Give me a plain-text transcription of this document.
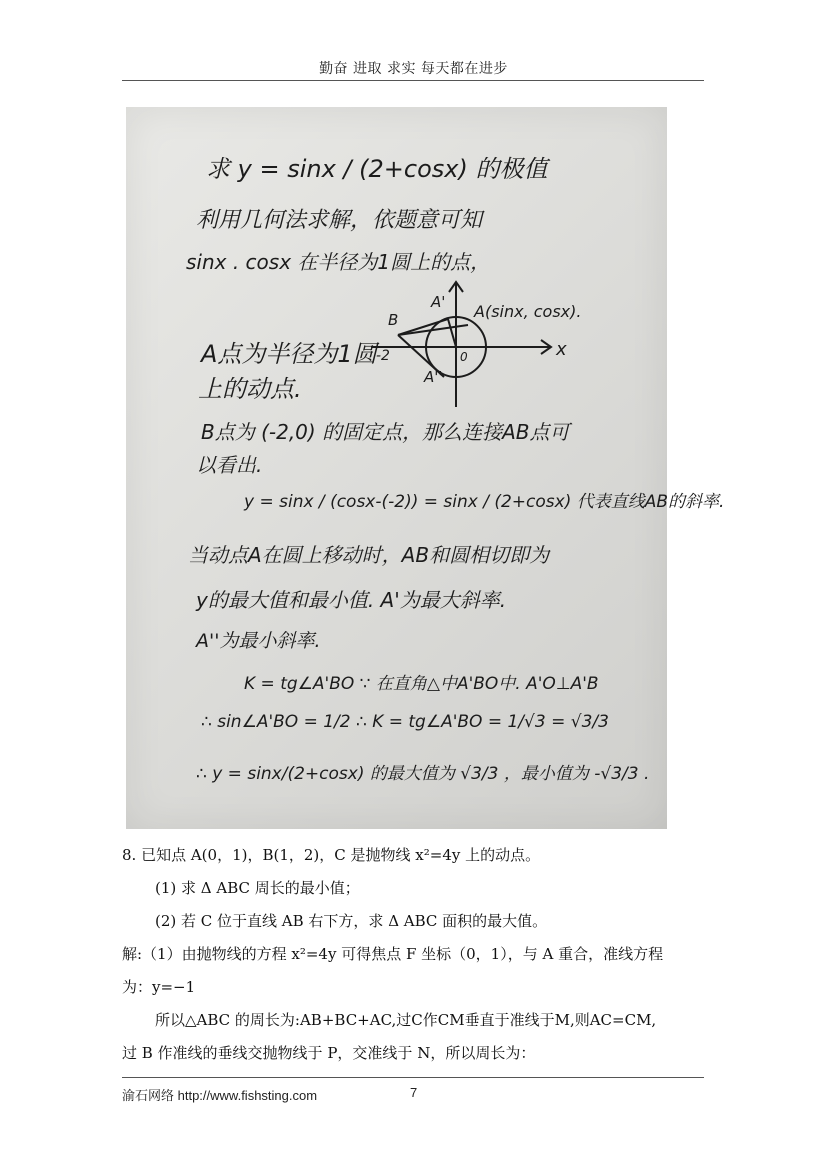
勤奋 进取 求实 每天都在进步
求 y = sinx / (2+cosx) 的极值
利用几何法求解，依题意可知
sinx . cosx 在半径为1圆上的点，
A(sinx, cosx).
A'
A''
B
-2	0	x
A点为半径为1圆
上的动点.
B点为 (-2,0) 的固定点，那么连接AB点可
以看出.
y = sinx / (cosx-(-2)) = sinx / (2+cosx) 代表直线AB的斜率.
当动点A在圆上移动时，AB和圆相切即为
y的最大值和最小值. A'为最大斜率.
A''为最小斜率.
K = tg∠A'BO ∵ 在直角△中A'BO中. A'O⊥A'B
∴ sin∠A'BO = 1/2 ∴ K = tg∠A'BO = 1/√3 = √3/3
∴ y = sinx/(2+cosx) 的最大值为 √3/3 ，最小值为 -√3/3 .
8. 已知点 A(0，1)，B(1，2)，C 是抛物线 x²=4y 上的动点。
(1) 求 Δ ABC 周长的最小值；
(2) 若 C 位于直线 AB 右下方，求 Δ ABC 面积的最大值。
解:（1）由抛物线的方程 x²=4y 可得焦点 F 坐标（0，1），与 A 重合，准线方程
为：y=−1
所以△ABC 的周长为:AB+BC+AC,过C作CM垂直于准线于M,则AC=CM,
过 B 作准线的垂线交抛物线于 P，交准线于 N，所以周长为：
渝石网络 http://www.fishsting.com	7
